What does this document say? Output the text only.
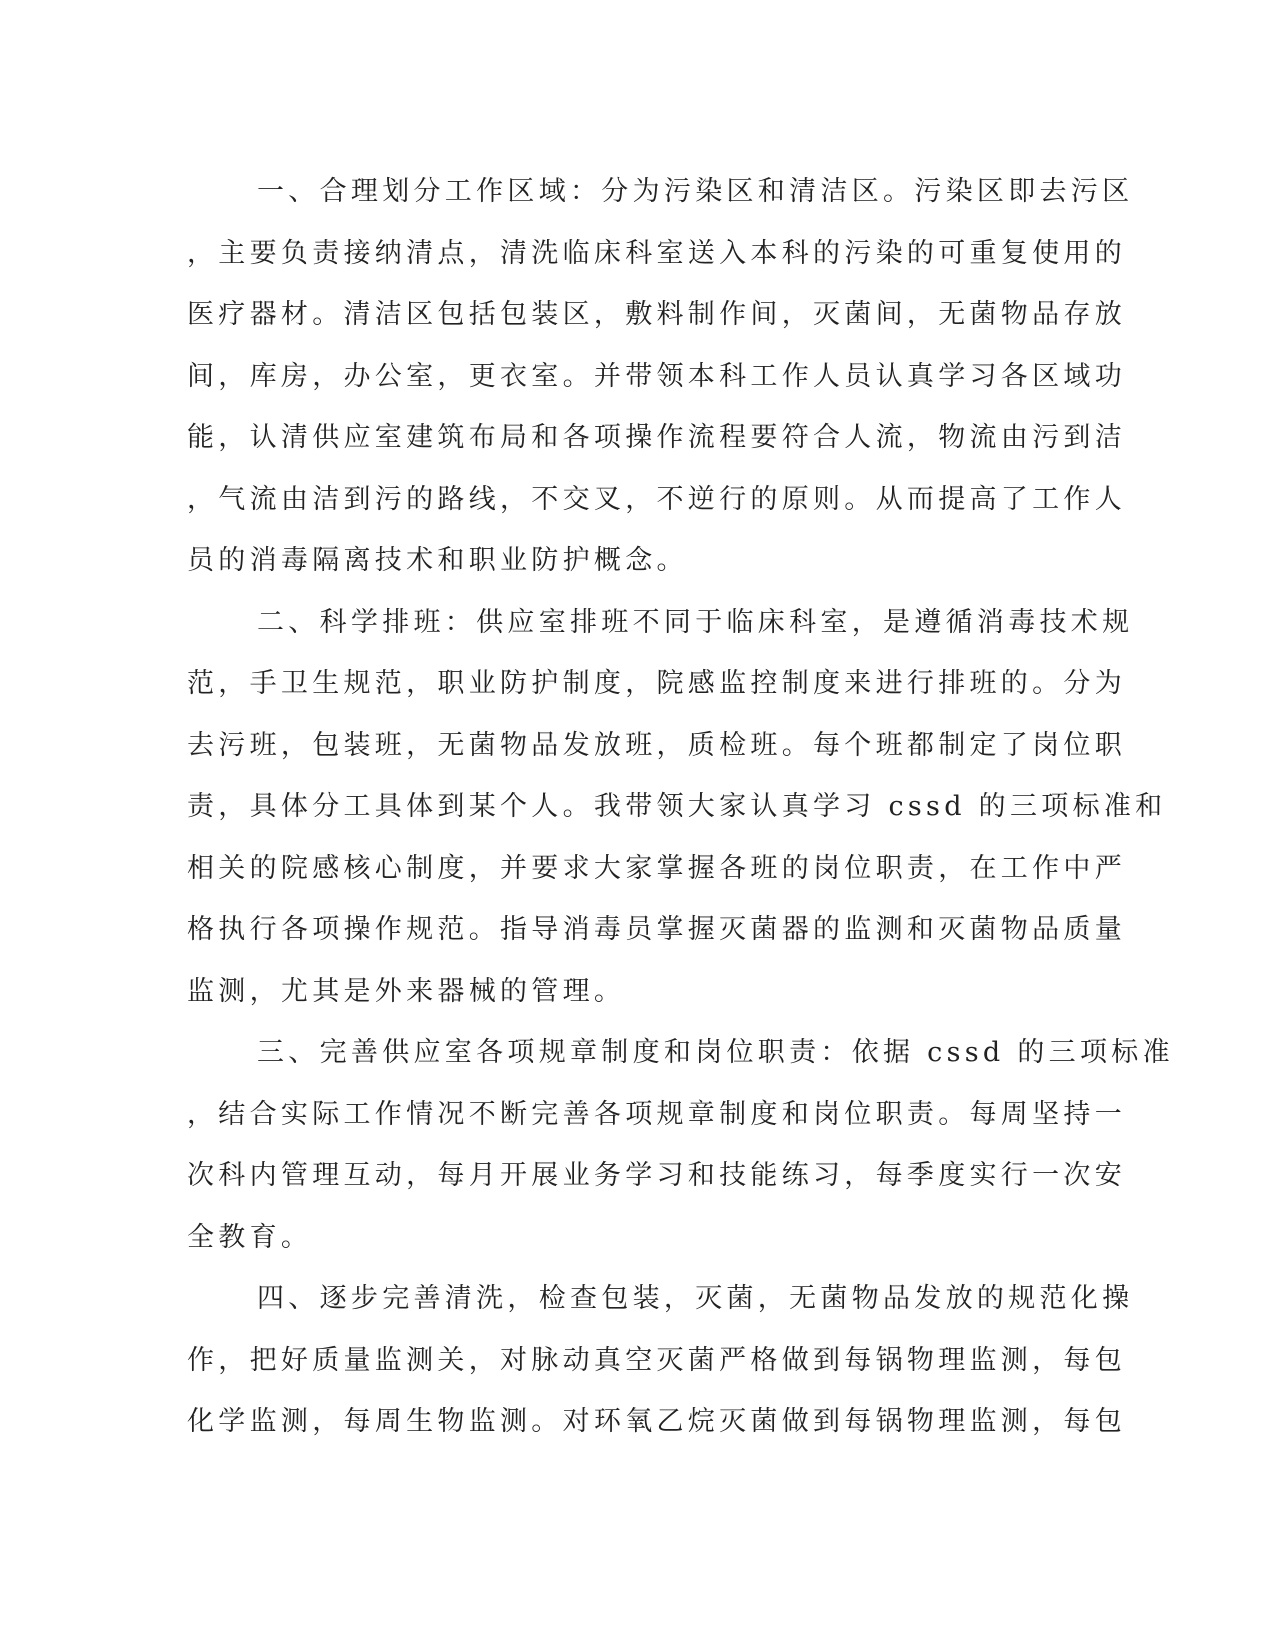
一、合理划分工作区域：分为污染区和清洁区。污染区即去污区
，主要负责接纳清点，清洗临床科室送入本科的污染的可重复使用的
医疗器材。清洁区包括包装区，敷料制作间，灭菌间，无菌物品存放
间，库房，办公室，更衣室。并带领本科工作人员认真学习各区域功
能，认清供应室建筑布局和各项操作流程要符合人流，物流由污到洁
，气流由洁到污的路线，不交叉，不逆行的原则。从而提高了工作人
员的消毒隔离技术和职业防护概念。
二、科学排班：供应室排班不同于临床科室，是遵循消毒技术规
范，手卫生规范，职业防护制度，院感监控制度来进行排班的。分为
去污班，包装班，无菌物品发放班，质检班。每个班都制定了岗位职
责，具体分工具体到某个人。我带领大家认真学习 cssd 的三项标准和
相关的院感核心制度，并要求大家掌握各班的岗位职责，在工作中严
格执行各项操作规范。指导消毒员掌握灭菌器的监测和灭菌物品质量
监测，尤其是外来器械的管理。
三、完善供应室各项规章制度和岗位职责：依据 cssd 的三项标准
，结合实际工作情况不断完善各项规章制度和岗位职责。每周坚持一
次科内管理互动，每月开展业务学习和技能练习，每季度实行一次安
全教育。
四、逐步完善清洗，检查包装，灭菌，无菌物品发放的规范化操
作，把好质量监测关，对脉动真空灭菌严格做到每锅物理监测，每包
化学监测，每周生物监测。对环氧乙烷灭菌做到每锅物理监测，每包
